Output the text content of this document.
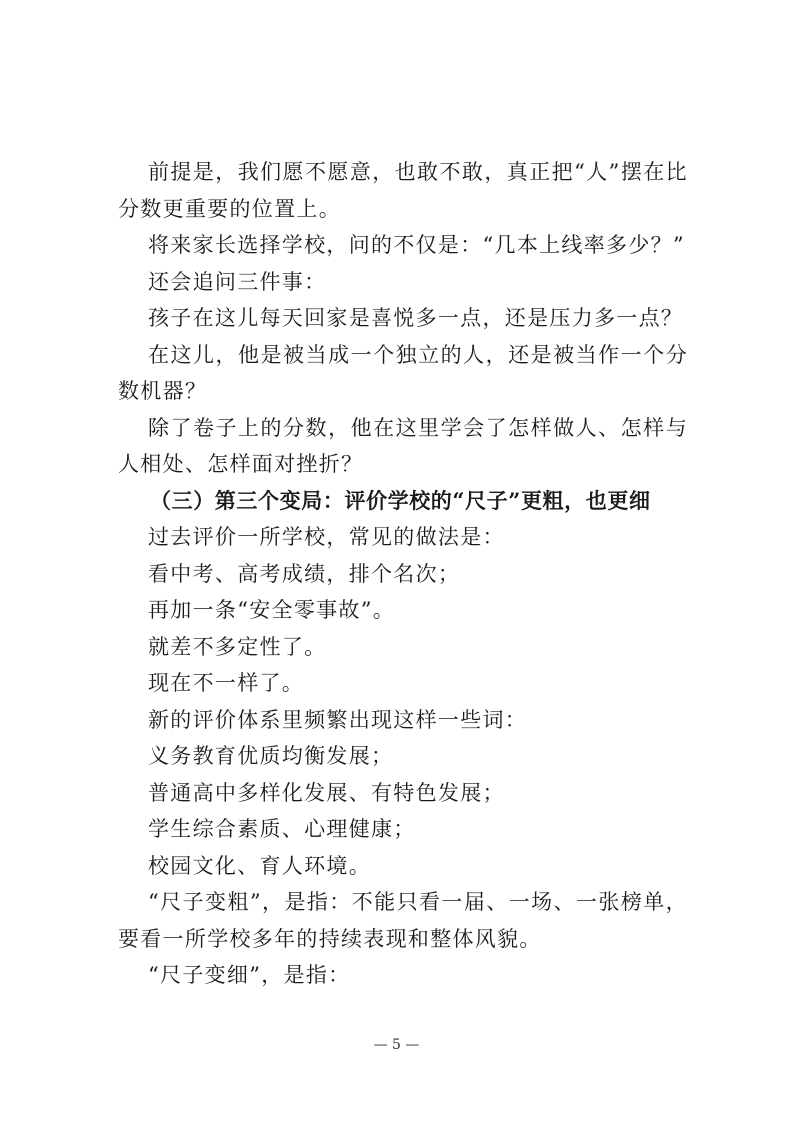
前提是，我们愿不愿意，也敢不敢，真正把“人”摆在比分数更重要的位置上。

将来家长选择学校，问的不仅是：“几本上线率多少？”

还会追问三件事：

孩子在这儿每天回家是喜悦多一点，还是压力多一点？

在这儿，他是被当成一个独立的人，还是被当作一个分数机器？

除了卷子上的分数，他在这里学会了怎样做人、怎样与人相处、怎样面对挫折？

（三）第三个变局：评价学校的“尺子”更粗，也更细

过去评价一所学校，常见的做法是：

看中考、高考成绩，排个名次；

再加一条“安全零事故”。

就差不多定性了。

现在不一样了。

新的评价体系里频繁出现这样一些词：

义务教育优质均衡发展；

普通高中多样化发展、有特色发展；

学生综合素质、心理健康；

校园文化、育人环境。

“尺子变粗”，是指：不能只看一届、一场、一张榜单，要看一所学校多年的持续表现和整体风貌。

“尺子变细”，是指：

— 5 —
